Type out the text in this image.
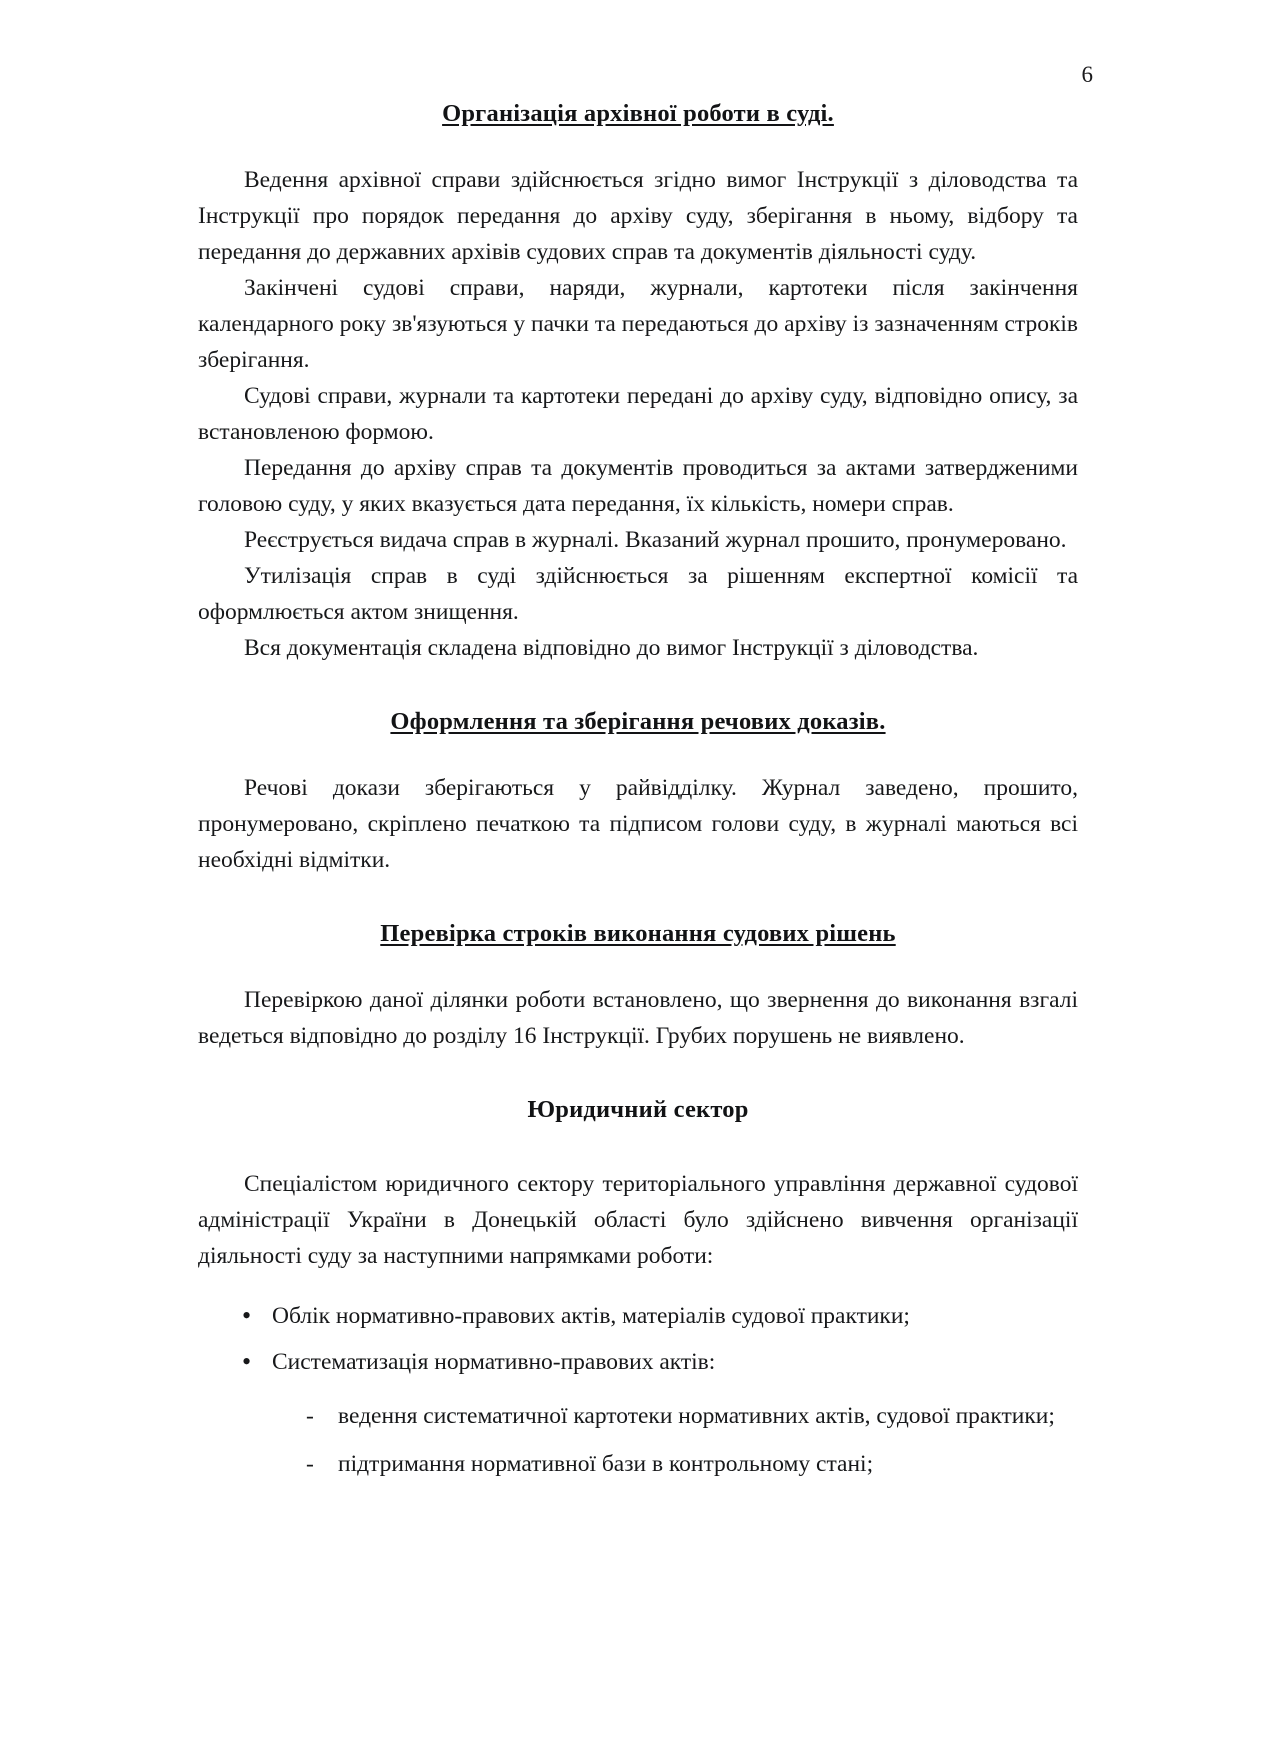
6
Організація архівної роботи в суді.

Ведення архівної справи здійснюється згідно вимог Інструкції з діловодства та Інструкції про порядок передання до архіву суду, зберігання в ньому, відбору та передання до державних архівів судових справ та документів діяльності суду.

Закінчені судові справи, наряди, журнали, картотеки після закінчення календарного року зв'язуються у пачки та передаються до архіву із зазначенням строків зберігання.

Судові справи, журнали та картотеки передані до архіву суду, відповідно опису, за встановленою формою.

Передання до архіву справ та документів проводиться за актами затвердженими головою суду, у яких вказується дата передання, їх кількість, номери справ.

Реєструється видача справ в журналі. Вказаний журнал прошито, пронумеровано.

Утилізація справ в суді здійснюється за рішенням експертної комісії та оформлюється актом знищення.

Вся документація складена відповідно до вимог Інструкції з діловодства.

Оформлення та зберігання речових доказів.

Речові докази зберігаються у райвідділку. Журнал заведено, прошито, пронумеровано, скріплено печаткою та підписом голови суду, в журналі маються всі необхідні відмітки.

Перевірка строків виконання судових рішень

Перевіркою даної ділянки роботи встановлено, що звернення до виконання взгалі ведеться відповідно до розділу 16 Інструкції. Грубих порушень не виявлено.

Юридичний сектор

Спеціалістом юридичного сектору територіального управління державної судової адміністрації України в Донецькій області було здійснено вивчення організації діяльності суду за наступними напрямками роботи:

• Облік нормативно-правових актів, матеріалів судової практики;
• Систематизація нормативно-правових актів:
- ведення систематичної картотеки нормативних актів, судової практики;
- підтримання нормативної бази в контрольному стані;
